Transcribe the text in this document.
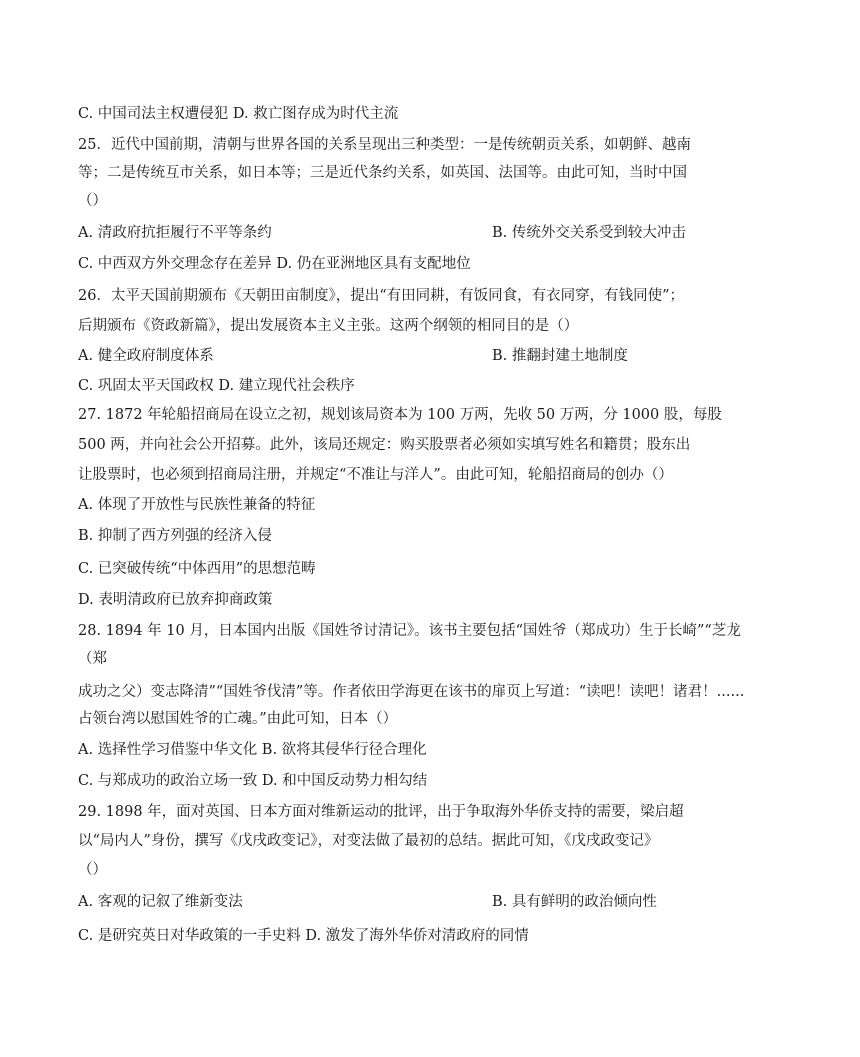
C. 中国司法主权遭侵犯 D. 救亡图存成为时代主流
25．近代中国前期，清朝与世界各国的关系呈现出三种类型：一是传统朝贡关系，如朝鲜、越南
等；二是传统互市关系，如日本等；三是近代条约关系，如英国、法国等。由此可知，当时中国
（）
A. 清政府抗拒履行不平等条约	B. 传统外交关系受到较大冲击
C. 中西双方外交理念存在差异 D. 仍在亚洲地区具有支配地位
26．太平天国前期颁布《天朝田亩制度》，提出“有田同耕，有饭同食，有衣同穿，有钱同使”；
后期颁布《资政新篇》，提出发展资本主义主张。这两个纲领的相同目的是（）
A. 健全政府制度体系	B. 推翻封建土地制度
C. 巩固太平天国政权 D. 建立现代社会秩序
27. 1872 年轮船招商局在设立之初，规划该局资本为 100 万两，先收 50 万两，分 1000 股，每股
500 两，并向社会公开招募。此外，该局还规定：购买股票者必须如实填写姓名和籍贯；股东出
让股票时，也必须到招商局注册，并规定“不准让与洋人”。由此可知，轮船招商局的创办（）
A. 体现了开放性与民族性兼备的特征
B. 抑制了西方列强的经济入侵
C. 已突破传统“中体西用”的思想范畴
D. 表明清政府已放弃抑商政策
28. 1894 年 10 月，日本国内出版《国姓爷讨清记》。该书主要包括“国姓爷（郑成功）生于长崎”“芝龙
（郑
成功之父）变志降清”“国姓爷伐清”等。作者依田学海更在该书的扉页上写道：“读吧！读吧！诸君！......
占领台湾以慰国姓爷的亡魂。”由此可知，日本（）
A. 选择性学习借鉴中华文化 B. 欲将其侵华行径合理化
C. 与郑成功的政治立场一致 D. 和中国反动势力相勾结
29. 1898 年，面对英国、日本方面对维新运动的批评，出于争取海外华侨支持的需要，梁启超
以“局内人”身份，撰写《戊戌政变记》，对变法做了最初的总结。据此可知，《戊戌政变记》
（）
A. 客观的记叙了维新变法	B. 具有鲜明的政治倾向性
C. 是研究英日对华政策的一手史料 D. 激发了海外华侨对清政府的同情
